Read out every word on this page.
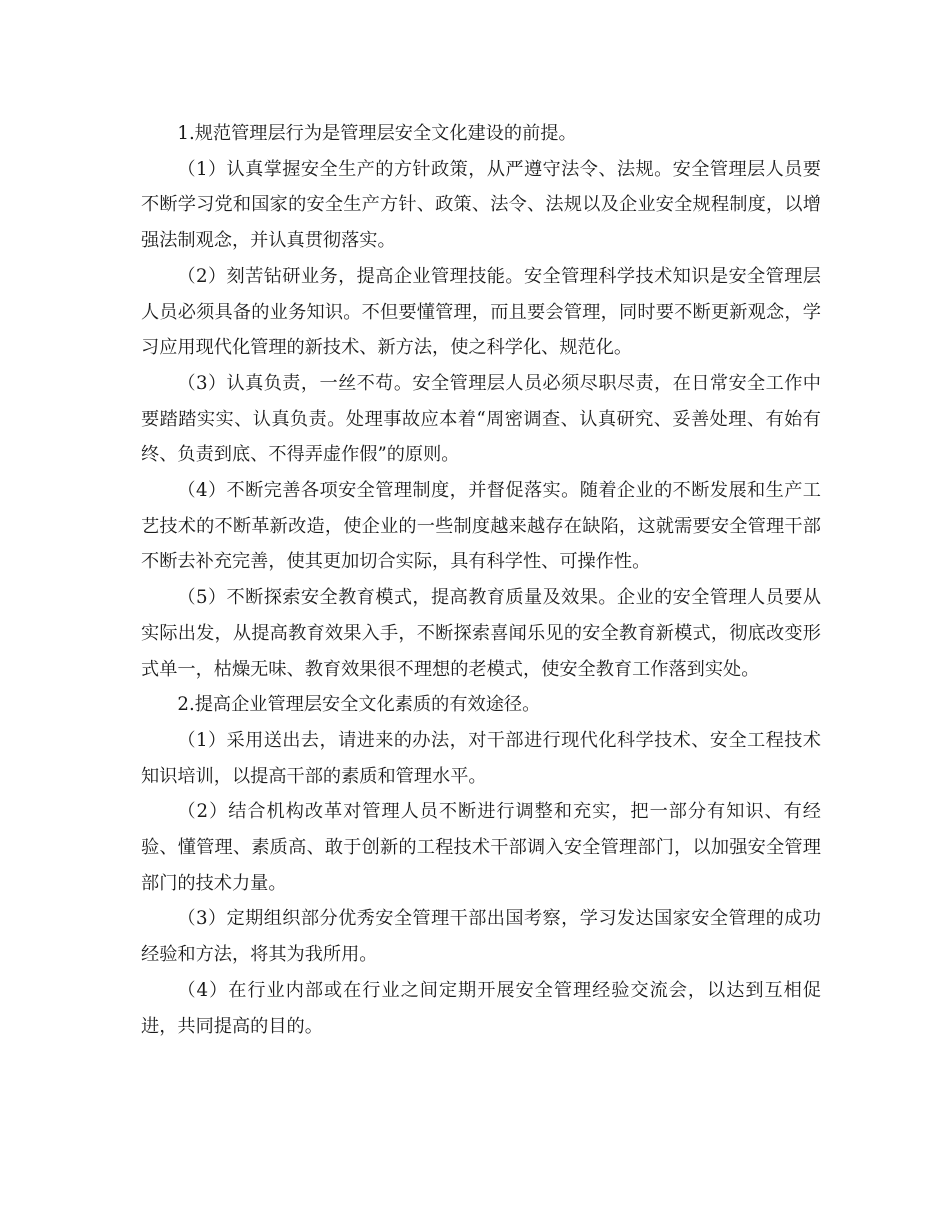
1.规范管理层行为是管理层安全文化建设的前提。

（1）认真掌握安全生产的方针政策，从严遵守法令、法规。安全管理层人员要不断学习党和国家的安全生产方针、政策、法令、法规以及企业安全规程制度，以增强法制观念，并认真贯彻落实。

（2）刻苦钻研业务，提高企业管理技能。安全管理科学技术知识是安全管理层人员必须具备的业务知识。不但要懂管理，而且要会管理，同时要不断更新观念，学习应用现代化管理的新技术、新方法，使之科学化、规范化。

（3）认真负责，一丝不苟。安全管理层人员必须尽职尽责，在日常安全工作中要踏踏实实、认真负责。处理事故应本着“周密调查、认真研究、妥善处理、有始有终、负责到底、不得弄虚作假”的原则。

（4）不断完善各项安全管理制度，并督促落实。随着企业的不断发展和生产工艺技术的不断革新改造，使企业的一些制度越来越存在缺陷，这就需要安全管理干部不断去补充完善，使其更加切合实际，具有科学性、可操作性。

（5）不断探索安全教育模式，提高教育质量及效果。企业的安全管理人员要从实际出发，从提高教育效果入手，不断探索喜闻乐见的安全教育新模式，彻底改变形式单一，枯燥无味、教育效果很不理想的老模式，使安全教育工作落到实处。

2.提高企业管理层安全文化素质的有效途径。

（1）采用送出去，请进来的办法，对干部进行现代化科学技术、安全工程技术知识培训，以提高干部的素质和管理水平。

（2）结合机构改革对管理人员不断进行调整和充实，把一部分有知识、有经验、懂管理、素质高、敢于创新的工程技术干部调入安全管理部门，以加强安全管理部门的技术力量。

（3）定期组织部分优秀安全管理干部出国考察，学习发达国家安全管理的成功经验和方法，将其为我所用。

（4）在行业内部或在行业之间定期开展安全管理经验交流会，以达到互相促进，共同提高的目的。
